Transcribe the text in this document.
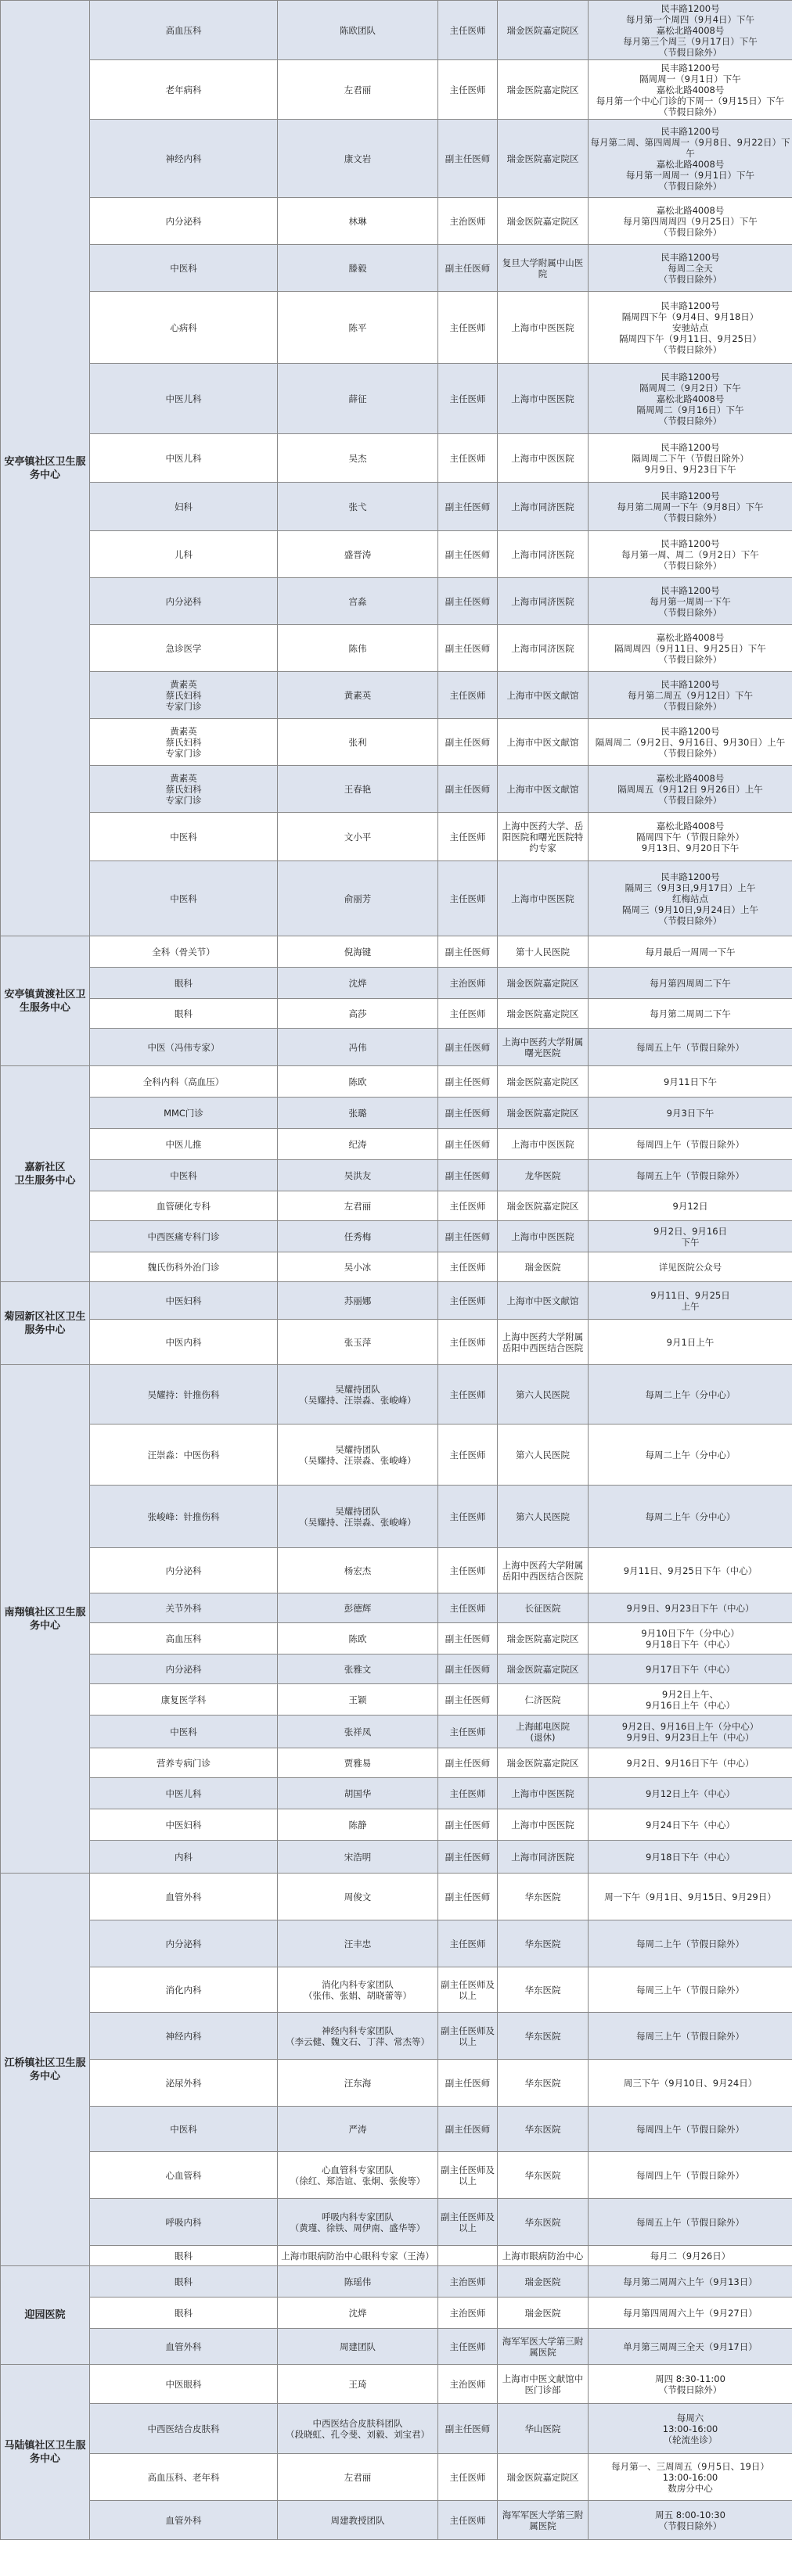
安亭镇社区卫生服务中心	高血压科	陈欧团队	主任医师	瑞金医院嘉定院区	民丰路1200号
每月第一个周四（9月4日）下午
嘉松北路4008号
每月第三个周三（9月17日）下午
（节假日除外）
	老年病科	左君丽	主任医师	瑞金医院嘉定院区	民丰路1200号
隔周周一（9月1日）下午
嘉松北路4008号
每月第一个中心门诊的下周一（9月15日）下午
（节假日除外）
	神经内科	康文岩	副主任医师	瑞金医院嘉定院区	民丰路1200号
每月第二周、第四周周一（9月8日、9月22日）下午
嘉松北路4008号
每月第一周周一（9月1日）下午
（节假日除外）
	内分泌科	林琳	主治医师	瑞金医院嘉定院区	嘉松北路4008号
每月第四周周四（9月25日）下午
（节假日除外）
	中医科	滕毅	副主任医师	复旦大学附属中山医院	民丰路1200号
每周二全天
（节假日除外）
	心病科	陈平	主任医师	上海市中医医院	民丰路1200号
隔周四下午（9月4日、9月18日）
安驰站点
隔周四下午（9月11日、9月25日）
（节假日除外）
	中医儿科	薛征	主任医师	上海市中医医院	民丰路1200号
隔周周二（9月2日）下午
嘉松北路4008号
隔周周二（9月16日）下午
（节假日除外）
	中医儿科	吴杰	主任医师	上海市中医医院	民丰路1200号
隔周周二下午（节假日除外）
9月9日、9月23日下午
	妇科	张弋	副主任医师	上海市同济医院	民丰路1200号
每月第二周周一下午（9月8日）下午
（节假日除外）
	儿科	盛晋涛	副主任医师	上海市同济医院	民丰路1200号
每月第一周、周二（9月2日）下午
（节假日除外）
	内分泌科	宫淼	副主任医师	上海市同济医院	民丰路1200号
每月第一周周一下午
（节假日除外）
	急诊医学	陈伟	副主任医师	上海市同济医院	嘉松北路4008号
隔周周四（9月11日、9月25日）下午
（节假日除外）
	黄素英
蔡氏妇科
专家门诊	黄素英	主任医师	上海市中医文献馆	民丰路1200号
每月第二周五（9月12日）下午
（节假日除外）
	黄素英
蔡氏妇科
专家门诊	张利	副主任医师	上海市中医文献馆	民丰路1200号
隔周周二（9月2日、9月16日、9月30日）上午
（节假日除外）
	黄素英
蔡氏妇科
专家门诊	王春艳	副主任医师	上海市中医文献馆	嘉松北路4008号
隔周周五（9月12日 9月26日）上午
（节假日除外）
	中医科	文小平	主任医师	上海中医药大学、岳阳医院和曙光医院特约专家	嘉松北路4008号
隔周四下午（节假日除外）
9月13日、9月20日下午
	中医科	俞丽芳	主任医师	上海市中医医院	民丰路1200号
隔周三（9月3日,9月17日）上午
红梅站点
隔周三（9月10日,9月24日）上午
（节假日除外）
安亭镇黄渡社区卫生服务中心	全科（骨关节）	倪海键	副主任医师	第十人民医院	每月最后一周周一下午
	眼科	沈烨	主治医师	瑞金医院嘉定院区	每月第四周周二下午
	眼科	高莎	主任医师	瑞金医院嘉定院区	每月第二周周二下午
	中医（冯伟专家）	冯伟	副主任医师	上海中医药大学附属曙光医院	每周五上午（节假日除外）
嘉新社区
卫生服务中心	全科内科（高血压）	陈欧	副主任医师	瑞金医院嘉定院区	9月11日下午
	MMC门诊	张璐	副主任医师	瑞金医院嘉定院区	9月3日下午
	中医儿推	纪涛	副主任医师	上海市中医医院	每周四上午（节假日除外）
	中医科	吴洪友	副主任医师	龙华医院	每周五上午（节假日除外）
	血管硬化专科	左君丽	主任医师	瑞金医院嘉定院区	9月12日
	中西医痛专科门诊	任秀梅	副主任医师	上海市中医医院	9月2日、9月16日
下午
	魏氏伤科外治门诊	吴小冰	主任医师	瑞金医院	详见医院公众号
菊园新区社区卫生服务中心	中医妇科	苏丽娜	主任医师	上海市中医文献馆	9月11日、9月25日
上午
	中医内科	张玉萍	主任医师	上海中医药大学附属岳阳中西医结合医院	9月1日上午
南翔镇社区卫生服务中心	吴耀持：针推伤科	吴耀持团队
（吴耀持、汪崇淼、张峻峰）	主任医师	第六人民医院	每周二上午（分中心）
	汪崇淼：中医伤科	吴耀持团队
（吴耀持、汪崇淼、张峻峰）	主任医师	第六人民医院	每周二上午（分中心）
	张峻峰：针推伤科	吴耀持团队
（吴耀持、汪崇淼、张峻峰）	主任医师	第六人民医院	每周二上午（分中心）
	内分泌科	杨宏杰	主任医师	上海中医药大学附属岳阳中西医结合医院	9月11日、9月25日下午（中心）
	关节外科	彭德辉	主任医师	长征医院	9月9日、9月23日下午（中心）
	高血压科	陈欧	副主任医师	瑞金医院嘉定院区	9月10日下午（分中心）
9月18日下午（中心）
	内分泌科	张雅文	副主任医师	瑞金医院嘉定院区	9月17日下午（中心）
	康复医学科	王颖	副主任医师	仁济医院	9月2日上午、
9月16日上午（中心）
	中医科	张祥凤	主任医师	上海邮电医院
(退休)	9月2日、9月16日上午（分中心）
9月9日、9月23日上午（中心）
	营养专病门诊	贾雅易	副主任医师	瑞金医院嘉定院区	9月2日、9月16日下午（中心）
	中医儿科	胡国华	主任医师	上海市中医医院	9月12日上午（中心）
	中医妇科	陈静	副主任医师	上海市中医医院	9月24日下午（中心）
	内科	宋浩明	副主任医师	上海市同济医院	9月18日下午（中心）
江桥镇社区卫生服务中心	血管外科	周俊文	副主任医师	华东医院	周一下午（9月1日、9月15日、9月29日）
	内分泌科	汪丰忠	主任医师	华东医院	每周二上午（节假日除外）
	消化内科	消化内科专家团队
（张伟、张娟、胡晓蕾等）	副主任医师及以上	华东医院	每周三上午（节假日除外）
	神经内科	神经内科专家团队
（李云健、魏文石、丁萍、常杰等）	副主任医师及以上	华东医院	每周三上午（节假日除外）
	泌尿外科	汪东海	副主任医师	华东医院	周三下午（9月10日、9月24日）
	中医科	严涛	副主任医师	华东医院	每周四上午（节假日除外）
	心血管科	心血管科专家团队
（徐红、郑浩谊、张炯、张俊等）	副主任医师及以上	华东医院	每周四上午（节假日除外）
	呼吸内科	呼吸内科专家团队
（黄瑾、徐铁、周伊南、盛华等）	副主任医师及以上	华东医院	每周五上午（节假日除外）
	眼科	上海市眼病防治中心眼科专家（王涛）		上海市眼病防治中心	每月二（9月26日）
迎园医院	眼科	陈瑶伟	主治医师	瑞金医院	每月第二周周六上午（9月13日）
	眼科	沈烨	主治医师	瑞金医院	每月第四周周六上午（9月27日）
	血管外科	周建团队	主任医师	海军军医大学第三附属医院	单月第三周周三全天（9月17日）
马陆镇社区卫生服务中心	中医眼科	王琦	主治医师	上海市中医文献馆中医门诊部	周四 8:30-11:00
（节假日除外）
	中西医结合皮肤科	中西医结合皮肤科团队
（段晓虹、孔令斐、刘毅、刘宝君）	副主任医师	华山医院	每周六
13:00-16:00
（轮流坐诊）
	高血压科、老年科	左君丽	主任医师	瑞金医院嘉定院区	每月第一、三周周五（9月5日、19日）
13:00-16:00
数房分中心
	血管外科	周建教授团队	主任医师	海军军医大学第三附属医院	周五 8:00-10:30
（节假日除外）
